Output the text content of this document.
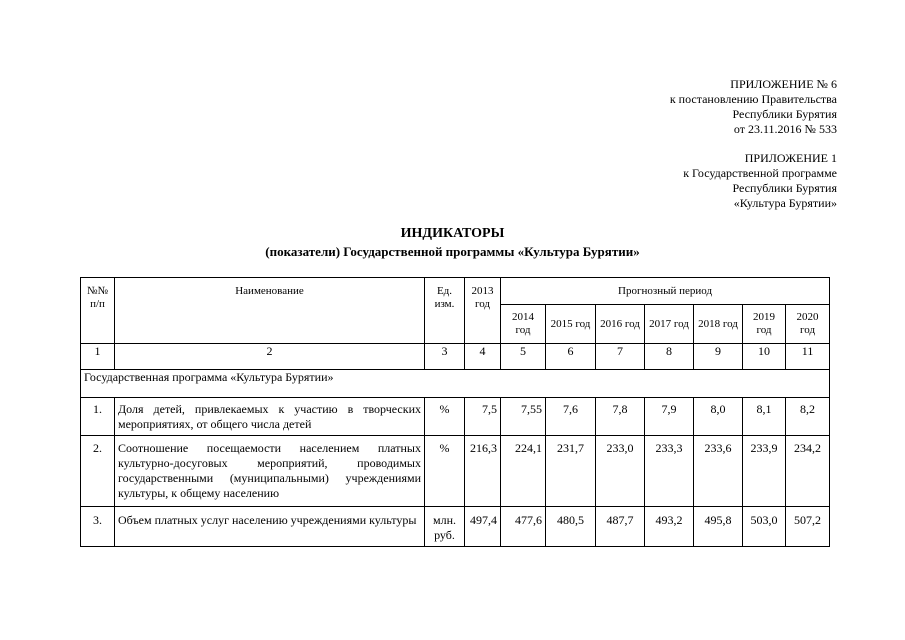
ПРИЛОЖЕНИЕ № 6
к постановлению Правительства
Республики Бурятия
от 23.11.2016 № 533
ПРИЛОЖЕНИЕ 1
к Государственной программе
Республики Бурятия
«Культура Бурятии»
ИНДИКАТОРЫ
(показатели) Государственной программы «Культура Бурятии»
№№ п/п	Наименование	Ед. изм.	2013 год	Прогнозный период						
				2014 год	2015 год	2016 год	2017 год	2018 год	2019 год	2020 год
1	2	3	4	5	6	7	8	9	10	11
Государственная программа «Культура Бурятии»										
1.	Доля детей, привлекаемых к участию в творческих мероприятиях, от общего числа детей	%	7,5	7,55	7,6	7,8	7,9	8,0	8,1	8,2
2.	Соотношение посещаемости населением платных культурно-досуговых мероприятий, проводимых государственными (муниципальными) учреждениями культуры, к общему населению	%	216,3	224,1	231,7	233,0	233,3	233,6	233,9	234,2
3.	Объем платных услуг населению учреждениями культуры	млн. руб.	497,4	477,6	480,5	487,7	493,2	495,8	503,0	507,2
